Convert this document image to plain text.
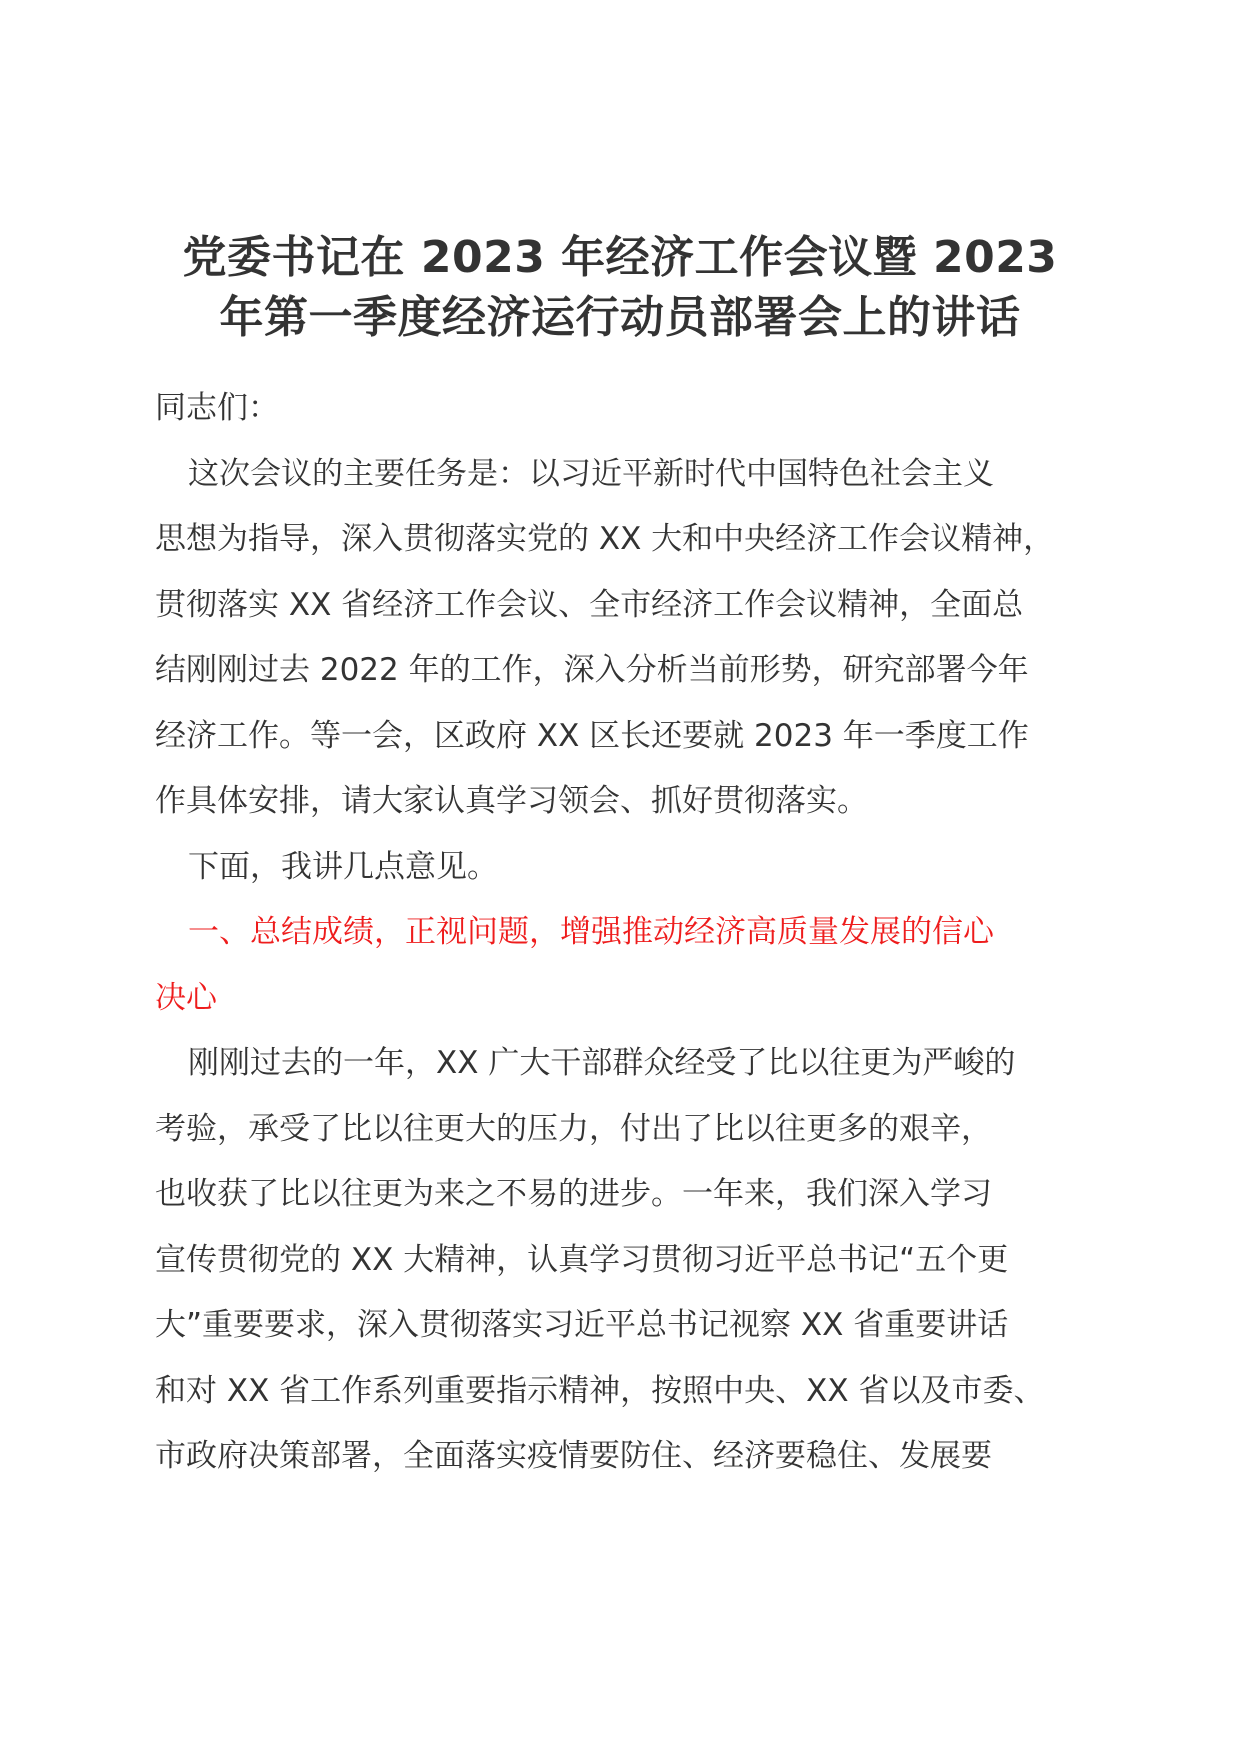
党委书记在 2023 年经济工作会议暨 2023
年第一季度经济运行动员部署会上的讲话
同志们：
这次会议的主要任务是：以习近平新时代中国特色社会主义
思想为指导，深入贯彻落实党的 XX 大和中央经济工作会议精神，
贯彻落实 XX 省经济工作会议、全市经济工作会议精神，全面总
结刚刚过去 2022 年的工作，深入分析当前形势，研究部署今年
经济工作。等一会，区政府 XX 区长还要就 2023 年一季度工作
作具体安排，请大家认真学习领会、抓好贯彻落实。
下面，我讲几点意见。
一、总结成绩，正视问题，增强推动经济高质量发展的信心
决心
刚刚过去的一年，XX 广大干部群众经受了比以往更为严峻的
考验，承受了比以往更大的压力，付出了比以往更多的艰辛，
也收获了比以往更为来之不易的进步。一年来，我们深入学习
宣传贯彻党的 XX 大精神，认真学习贯彻习近平总书记“五个更
大”重要要求，深入贯彻落实习近平总书记视察 XX 省重要讲话
和对 XX 省工作系列重要指示精神，按照中央、XX 省以及市委、
市政府决策部署，全面落实疫情要防住、经济要稳住、发展要
